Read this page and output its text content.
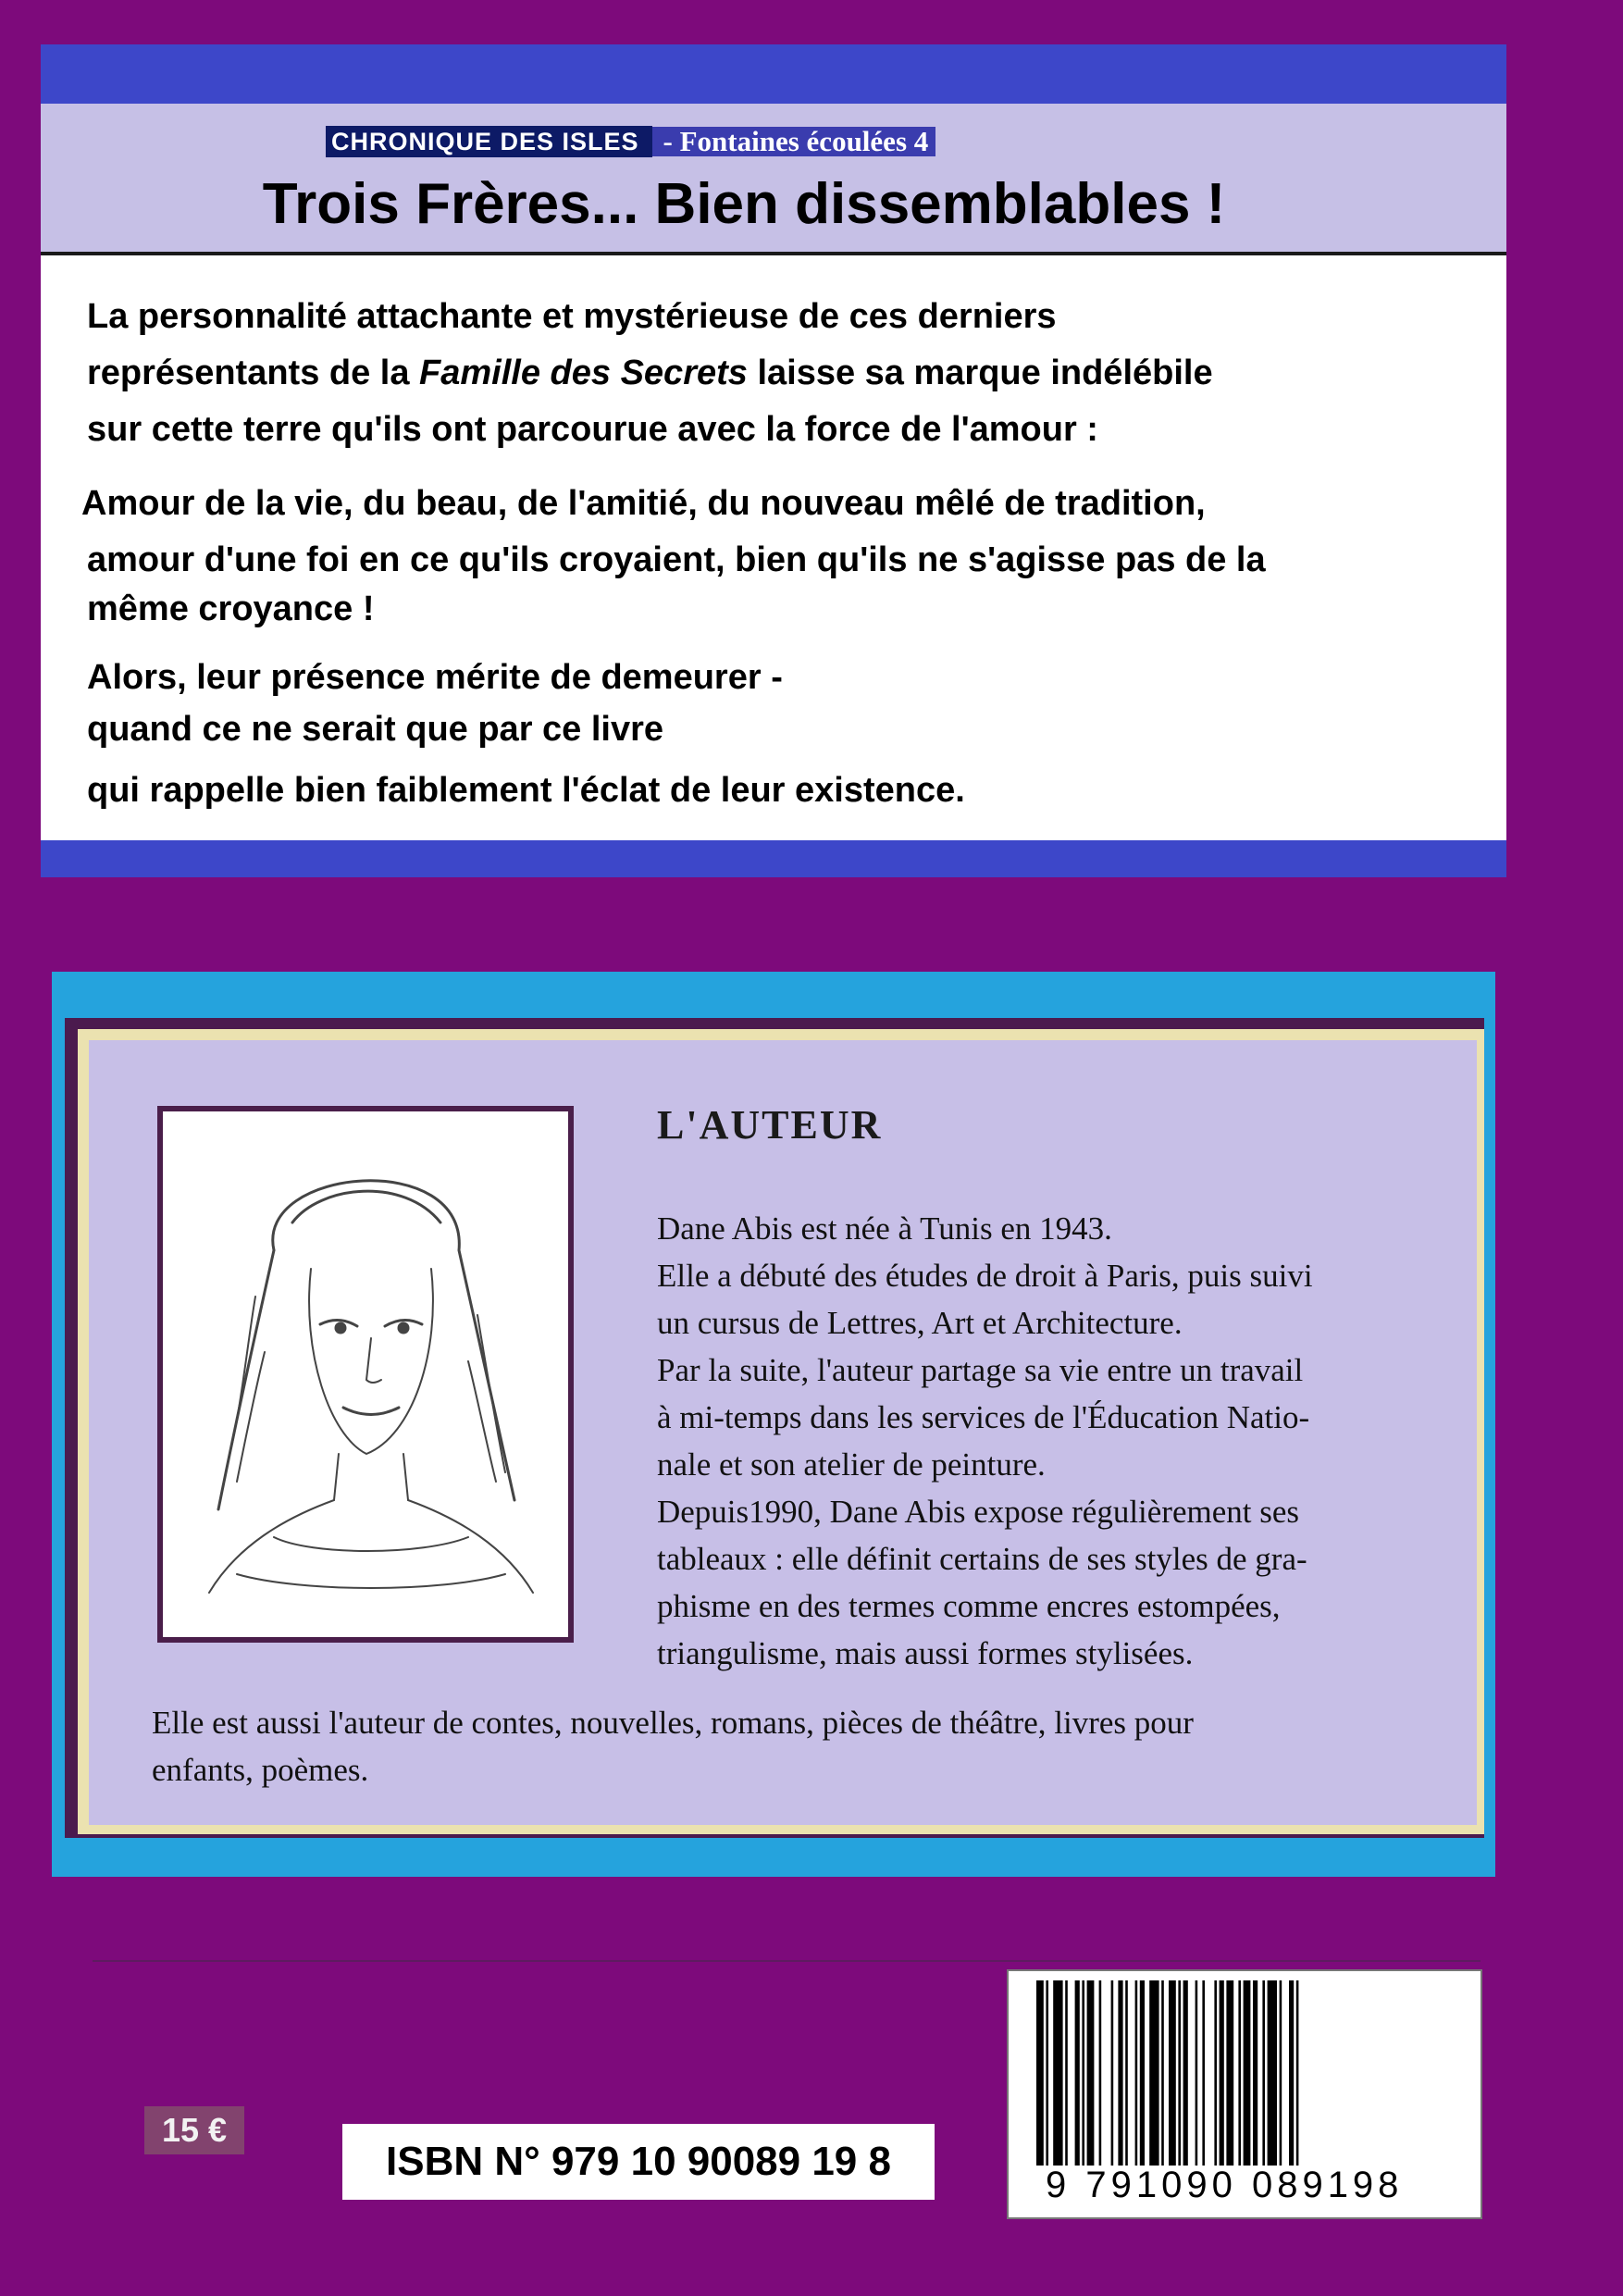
CHRONIQUE DES ISLES - Fontaines écoulées 4
Trois Frères... Bien dissemblables !
La personnalité attachante et mystérieuse de ces derniers
représentants de la Famille des Secrets laisse sa marque indélébile
sur cette terre qu'ils ont parcourue avec la force de l'amour :
Amour de la vie, du beau, de l'amitié, du nouveau mêlé de tradition,
amour d'une foi en ce qu'ils croyaient, bien qu'ils ne s'agisse pas de la
même croyance !
Alors, leur présence mérite de demeurer -
quand ce ne serait que par ce livre
qui rappelle bien faiblement l'éclat de leur existence.
L'AUTEUR
Dane Abis est née à Tunis en 1943.
Elle a débuté des études de droit à Paris, puis suivi
un cursus de Lettres, Art et Architecture.
Par la suite, l'auteur partage sa vie entre un travail
à mi-temps dans les services de l'Éducation Natio-
nale et son atelier de peinture.
Depuis1990, Dane Abis expose régulièrement ses
tableaux : elle définit certains de ses styles de gra-
phisme en des termes comme encres estompées,
triangulisme, mais aussi formes stylisées.
Elle est aussi l'auteur de contes, nouvelles, romans, pièces de théâtre, livres pour
enfants, poèmes.
9 791090 089198
15 €
ISBN N° 979 10 90089 19 8
